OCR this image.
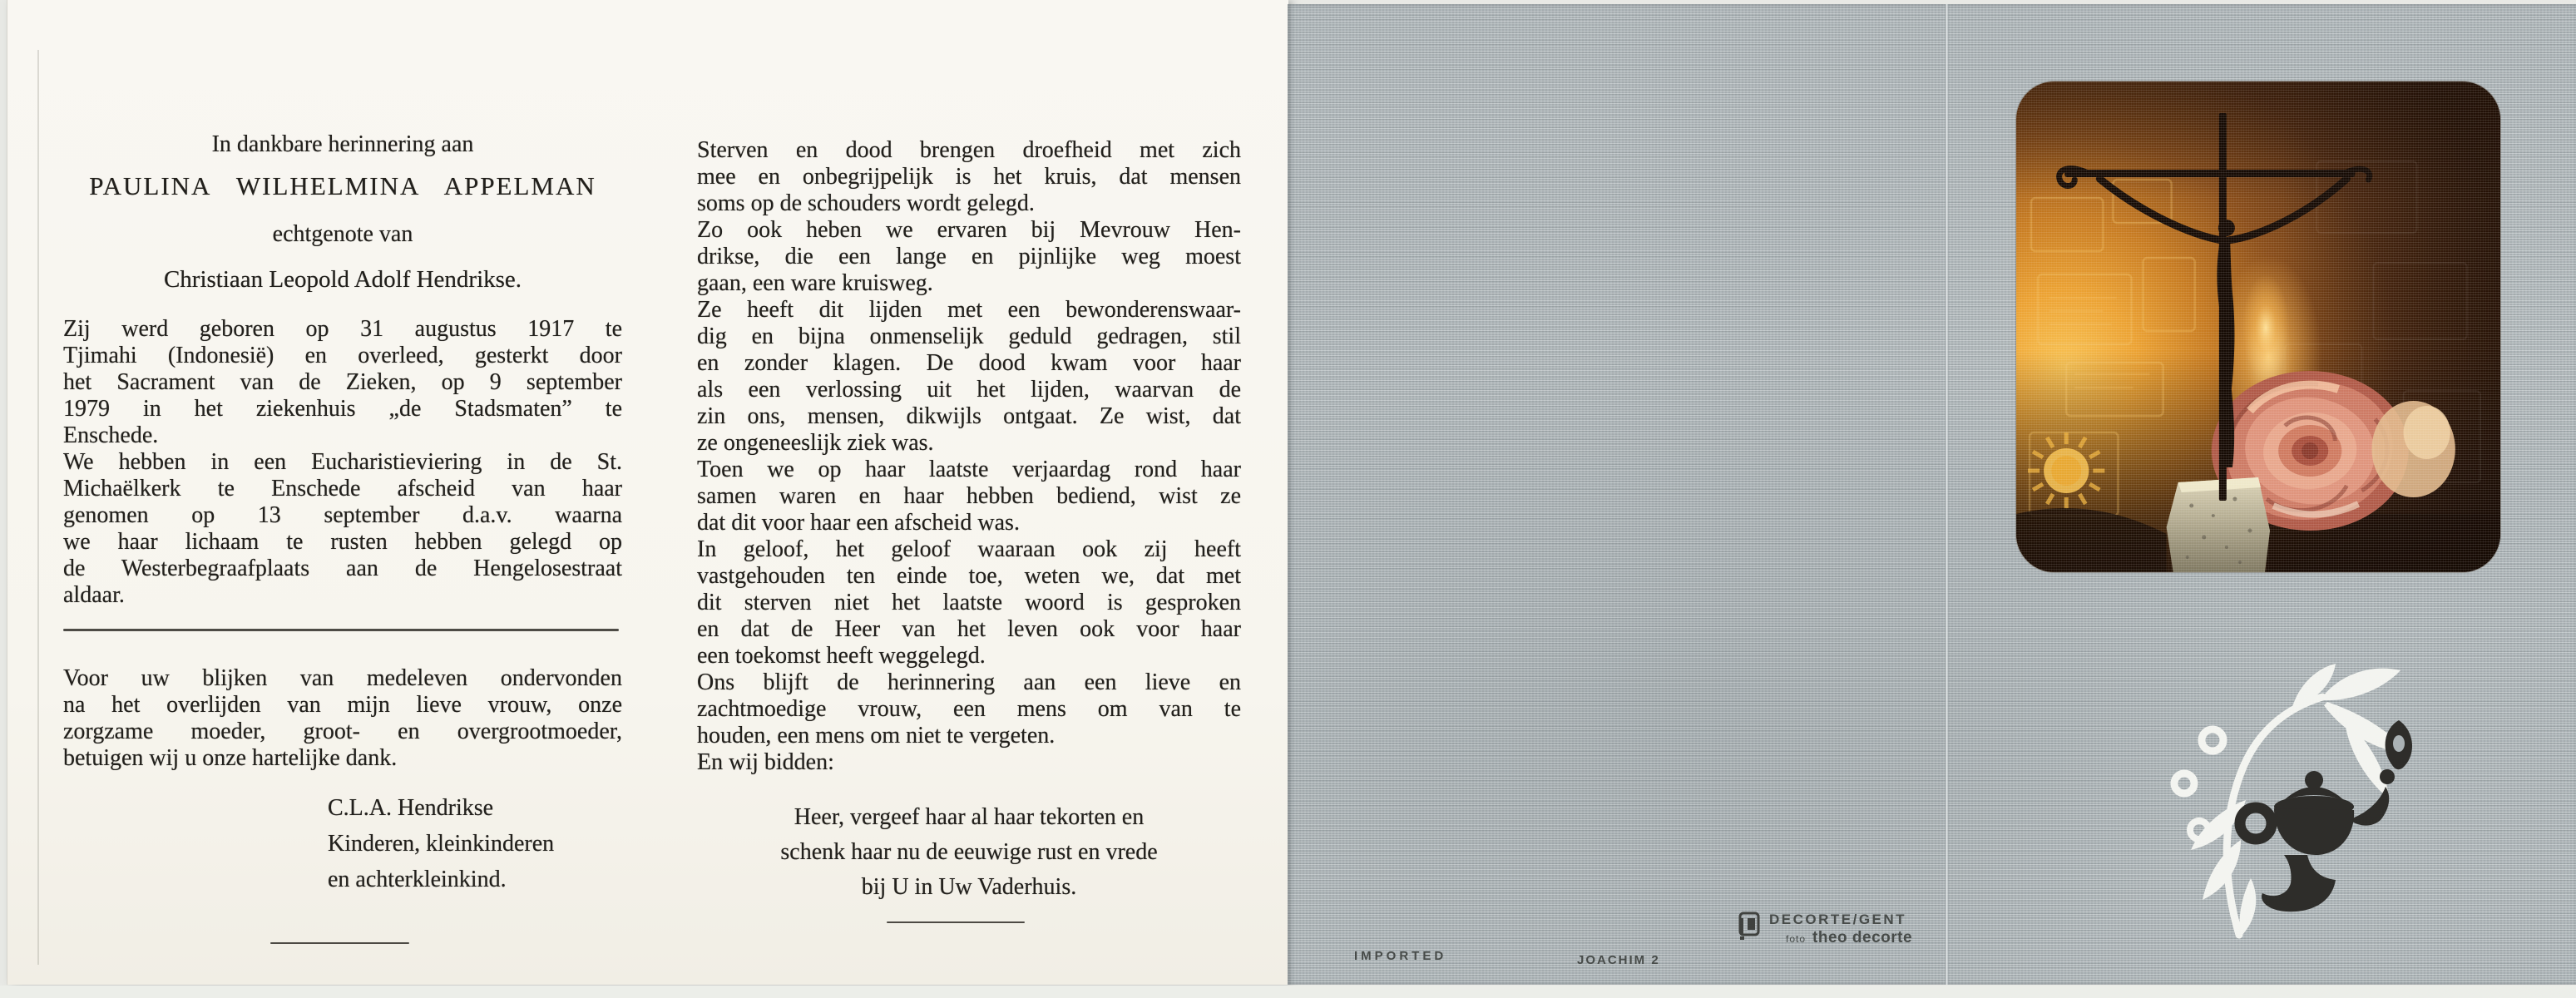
In dankbare herinnering aan
PAULINA WILHELMINA APPELMAN
echtgenote van
Christiaan Leopold Adolf Hendrikse.
Zij werd geboren op 31 augustus 1917 te
Tjimahi (Indonesië) en overleed, gesterkt door
het Sacrament van de Zieken, op 9 september
1979 in het ziekenhuis „de Stadsmaten” te
Enschede.
We hebben in een Eucharistieviering in de St.
Michaëlkerk te Enschede afscheid van haar
genomen op 13 september d.a.v. waarna
we haar lichaam te rusten hebben gelegd op
de Westerbegraafplaats aan de Hengelosestraat
aldaar.
Voor uw blijken van medeleven ondervonden
na het overlijden van mijn lieve vrouw, onze
zorgzame moeder, groot- en overgrootmoeder,
betuigen wij u onze hartelijke dank.
C.L.A. Hendrikse
Kinderen, kleinkinderen
en achterkleinkind.
Sterven en dood brengen droefheid met zich
mee en onbegrijpelijk is het kruis, dat mensen
soms op de schouders wordt gelegd.
Zo ook heben we ervaren bij Mevrouw Hen-
drikse, die een lange en pijnlijke weg moest
gaan, een ware kruisweg.
Ze heeft dit lijden met een bewonderenswaar-
dig en bijna onmenselijk geduld gedragen, stil
en zonder klagen. De dood kwam voor haar
als een verlossing uit het lijden, waarvan de
zin ons, mensen, dikwijls ontgaat. Ze wist, dat
ze ongeneeslijk ziek was.
Toen we op haar laatste verjaardag rond haar
samen waren en haar hebben bediend, wist ze
dat dit voor haar een afscheid was.
In geloof, het geloof waaraan ook zij heeft
vastgehouden ten einde toe, weten we, dat met
dit sterven niet het laatste woord is gesproken
en dat de Heer van het leven ook voor haar
een toekomst heeft weggelegd.
Ons blijft de herinnering aan een lieve en
zachtmoedige vrouw, een mens om van te
houden, een mens om niet te vergeten.
En wij bidden:
Heer, vergeef haar al haar tekorten en
schenk haar nu de eeuwige rust en vrede
bij U in Uw Vaderhuis.
IMPORTED	JOACHIM 2
DECORTE/GENT
foto theo decorte
